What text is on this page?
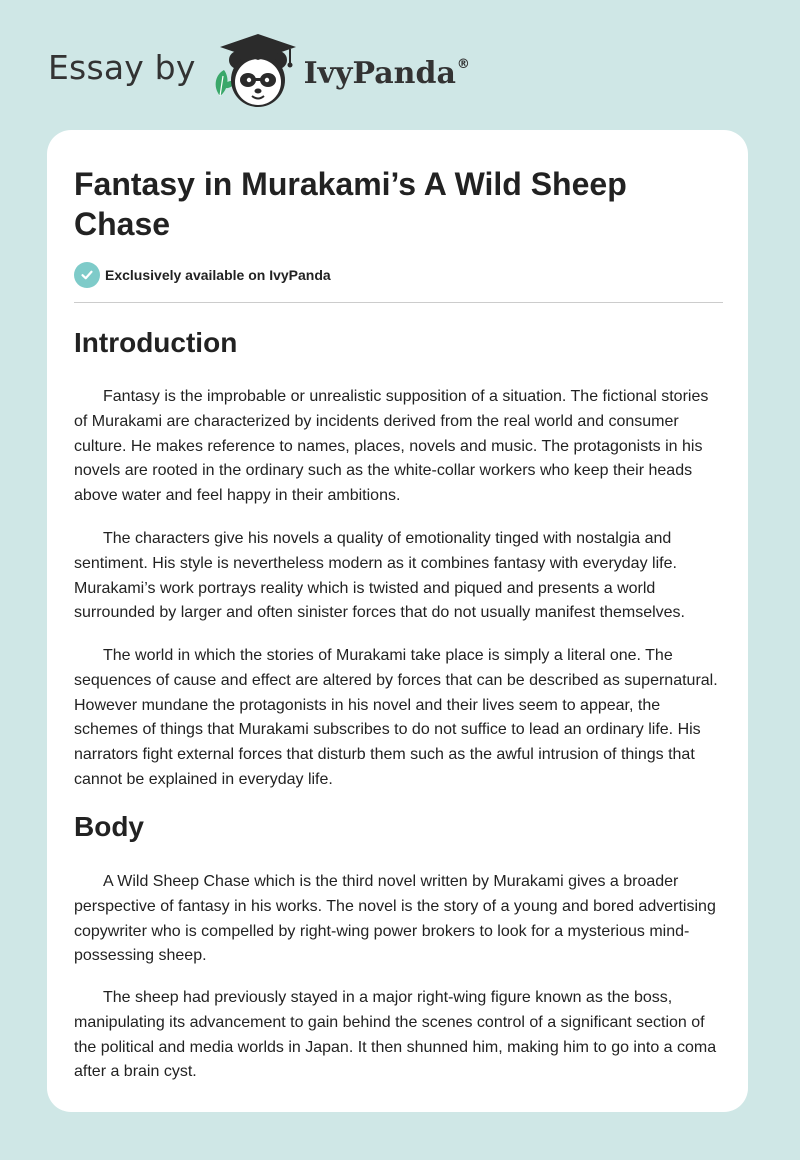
Essay by	IvyPanda®
Fantasy in Murakami’s A Wild Sheep Chase
Exclusively available on IvyPanda
Introduction

Fantasy is the improbable or unrealistic supposition of a situation. The fictional stories of Murakami are characterized by incidents derived from the real world and consumer culture. He makes reference to names, places, novels and music. The protagonists in his novels are rooted in the ordinary such as the white-collar workers who keep their heads above water and feel happy in their ambitions.

The characters give his novels a quality of emotionality tinged with nostalgia and sentiment. His style is nevertheless modern as it combines fantasy with everyday life. Murakami’s work portrays reality which is twisted and piqued and presents a world surrounded by larger and often sinister forces that do not usually manifest themselves.

The world in which the stories of Murakami take place is simply a literal one. The sequences of cause and effect are altered by forces that can be described as supernatural. However mundane the protagonists in his novel and their lives seem to appear, the schemes of things that Murakami subscribes to do not suffice to lead an ordinary life. His narrators fight external forces that disturb them such as the awful intrusion of things that cannot be explained in everyday life.

Body

A Wild Sheep Chase which is the third novel written by Murakami gives a broader perspective of fantasy in his works. The novel is the story of a young and bored advertising copywriter who is compelled by right-wing power brokers to look for a mysterious mind-possessing sheep.

The sheep had previously stayed in a major right-wing figure known as the boss, manipulating its advancement to gain behind the scenes control of a significant section of the political and media worlds in Japan. It then shunned him, making him to go into a coma after a brain cyst.
